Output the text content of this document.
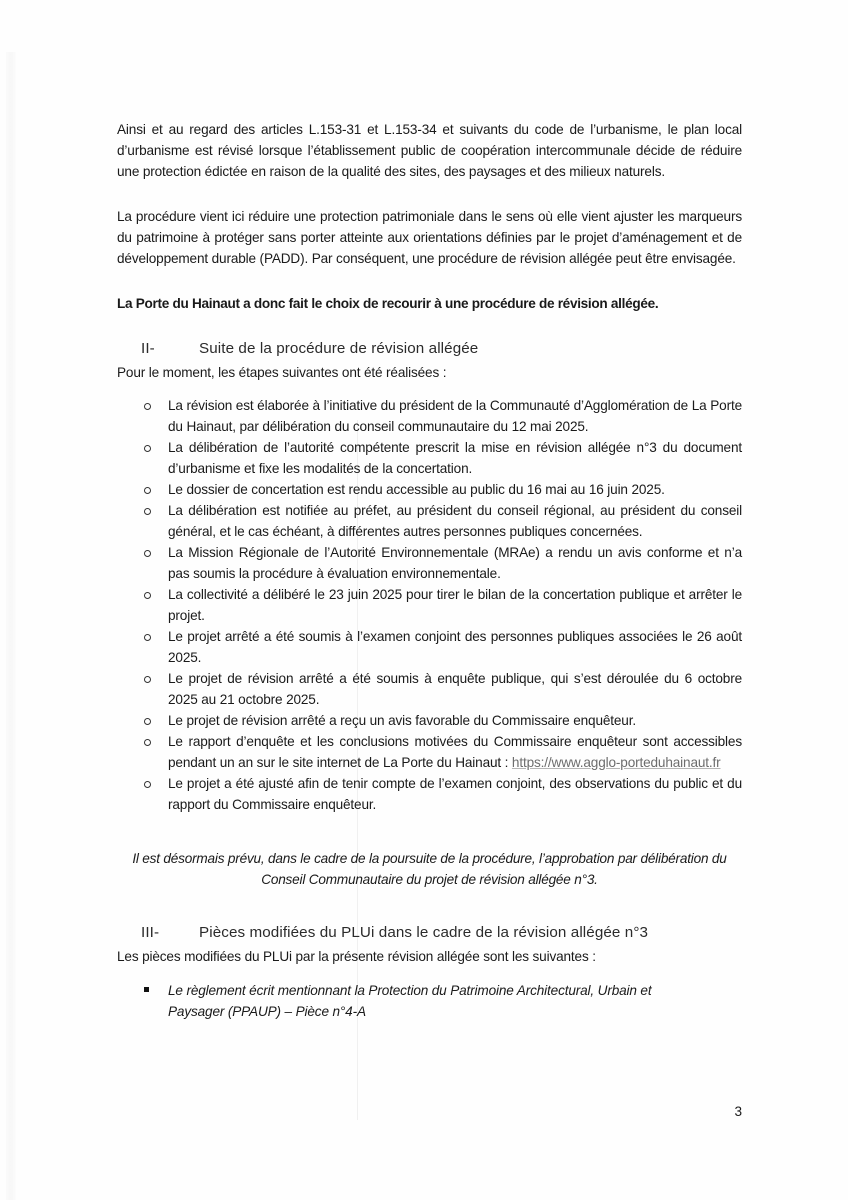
Ainsi et au regard des articles L.153-31 et L.153-34 et suivants du code de l’urbanisme, le plan local d’urbanisme est révisé lorsque l’établissement public de coopération intercommunale décide de réduire une protection édictée en raison de la qualité des sites, des paysages et des milieux naturels.

La procédure vient ici réduire une protection patrimoniale dans le sens où elle vient ajuster les marqueurs du patrimoine à protéger sans porter atteinte aux orientations définies par le projet d’aménagement et de développement durable (PADD). Par conséquent, une procédure de révision allégée peut être envisagée.

La Porte du Hainaut a donc fait le choix de recourir à une procédure de révision allégée.

II-	Suite de la procédure de révision allégée

Pour le moment, les étapes suivantes ont été réalisées :

La révision est élaborée à l’initiative du président de la Communauté d’Agglomération de La Porte du Hainaut, par délibération du conseil communautaire du 12 mai 2025.
La délibération de l’autorité compétente prescrit la mise en révision allégée n°3 du document d’urbanisme et fixe les modalités de la concertation.
Le dossier de concertation est rendu accessible au public du 16 mai au 16 juin 2025.
La délibération est notifiée au préfet, au président du conseil régional, au président du conseil général, et le cas échéant, à différentes autres personnes publiques concernées.
La Mission Régionale de l’Autorité Environnementale (MRAe) a rendu un avis conforme et n’a pas soumis la procédure à évaluation environnementale.
La collectivité a délibéré le 23 juin 2025 pour tirer le bilan de la concertation publique et arrêter le projet.
Le projet arrêté a été soumis à l’examen conjoint des personnes publiques associées le 26 août 2025.
Le projet de révision arrêté a été soumis à enquête publique, qui s’est déroulée du 6 octobre 2025 au 21 octobre 2025.
Le projet de révision arrêté a reçu un avis favorable du Commissaire enquêteur.
Le rapport d’enquête et les conclusions motivées du Commissaire enquêteur sont accessibles pendant un an sur le site internet de La Porte du Hainaut : https://www.agglo-porteduhainaut.fr
Le projet a été ajusté afin de tenir compte de l’examen conjoint, des observations du public et du rapport du Commissaire enquêteur.

Il est désormais prévu, dans le cadre de la poursuite de la procédure, l’approbation par délibération du Conseil Communautaire du projet de révision allégée n°3.

III-	Pièces modifiées du PLUi dans le cadre de la révision allégée n°3

Les pièces modifiées du PLUi par la présente révision allégée sont les suivantes :

Le règlement écrit mentionnant la Protection du Patrimoine Architectural, Urbain et Paysager (PPAUP) – Pièce n°4-A
3
